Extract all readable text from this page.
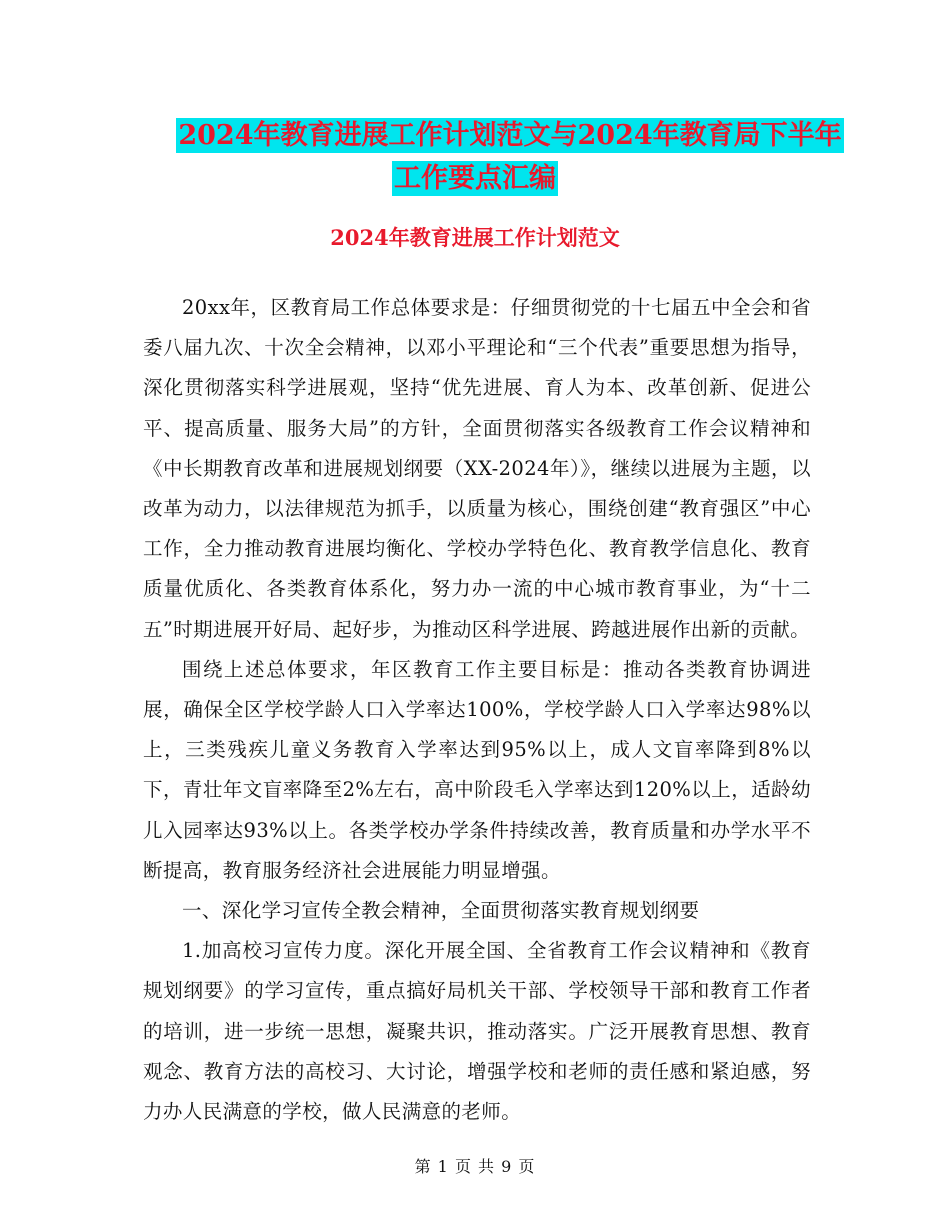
2024年教育进展工作计划范文与2024年教育局下半年
工作要点汇编
2024年教育进展工作计划范文

20xx年，区教育局工作总体要求是：仔细贯彻党的十七届五中全会和省委八届九次、十次全会精神，以邓小平理论和“三个代表”重要思想为指导，深化贯彻落实科学进展观，坚持“优先进展、育人为本、改革创新、促进公平、提高质量、服务大局”的方针，全面贯彻落实各级教育工作会议精神和《中长期教育改革和进展规划纲要（XX-2024年）》，继续以进展为主题，以改革为动力，以法律规范为抓手，以质量为核心，围绕创建“教育强区”中心工作，全力推动教育进展均衡化、学校办学特色化、教育教学信息化、教育质量优质化、各类教育体系化，努力办一流的中心城市教育事业，为“十二五”时期进展开好局、起好步，为推动区科学进展、跨越进展作出新的贡献。

围绕上述总体要求，年区教育工作主要目标是：推动各类教育协调进展，确保全区学校学龄人口入学率达100%，学校学龄人口入学率达98%以上，三类残疾儿童义务教育入学率达到95%以上，成人文盲率降到8%以下，青壮年文盲率降至2%左右，高中阶段毛入学率达到120%以上，适龄幼儿入园率达93%以上。各类学校办学条件持续改善，教育质量和办学水平不断提高，教育服务经济社会进展能力明显增强。

一、深化学习宣传全教会精神，全面贯彻落实教育规划纲要

1.加高校习宣传力度。深化开展全国、全省教育工作会议精神和《教育规划纲要》的学习宣传，重点搞好局机关干部、学校领导干部和教育工作者的培训，进一步统一思想，凝聚共识，推动落实。广泛开展教育思想、教育观念、教育方法的高校习、大讨论，增强学校和老师的责任感和紧迫感，努力办人民满意的学校，做人民满意的老师。

第 1 页 共 9 页
